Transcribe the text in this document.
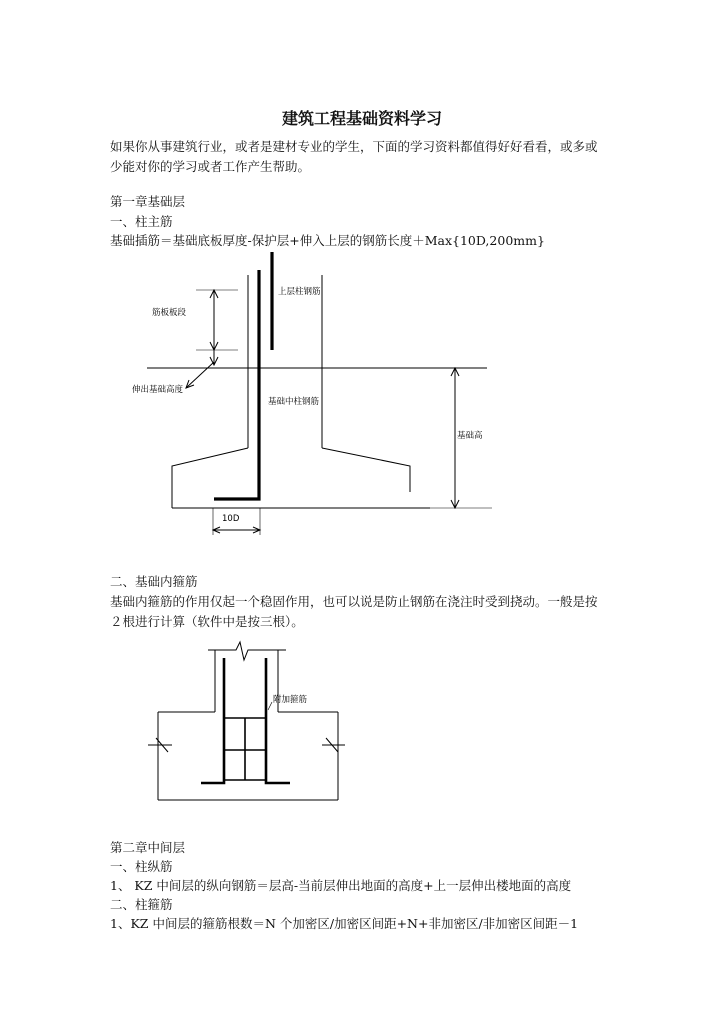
建筑工程基础资料学习
如果你从事建筑行业，或者是建材专业的学生，下面的学习资料都值得好好看看，或多或少能对你的学习或者工作产生帮助。
第一章基础层
一、柱主筋
基础插筋＝基础底板厚度-保护层+伸入上层的钢筋长度＋Max{10D,200mm}
上层柱钢筋
筋板板段
伸出基础高度
基础中柱钢筋
基础高
10D
二、基础内箍筋
基础内箍筋的作用仅起一个稳固作用，也可以说是防止钢筋在浇注时受到挠动。一般是按２根进行计算（软件中是按三根）。
附加箍筋
第二章中间层
一、柱纵筋
1、 KZ 中间层的纵向钢筋＝层高-当前层伸出地面的高度+上一层伸出楼地面的高度
二、柱箍筋
1、KZ 中间层的箍筋根数＝N 个加密区/加密区间距+N+非加密区/非加密区间距－1
